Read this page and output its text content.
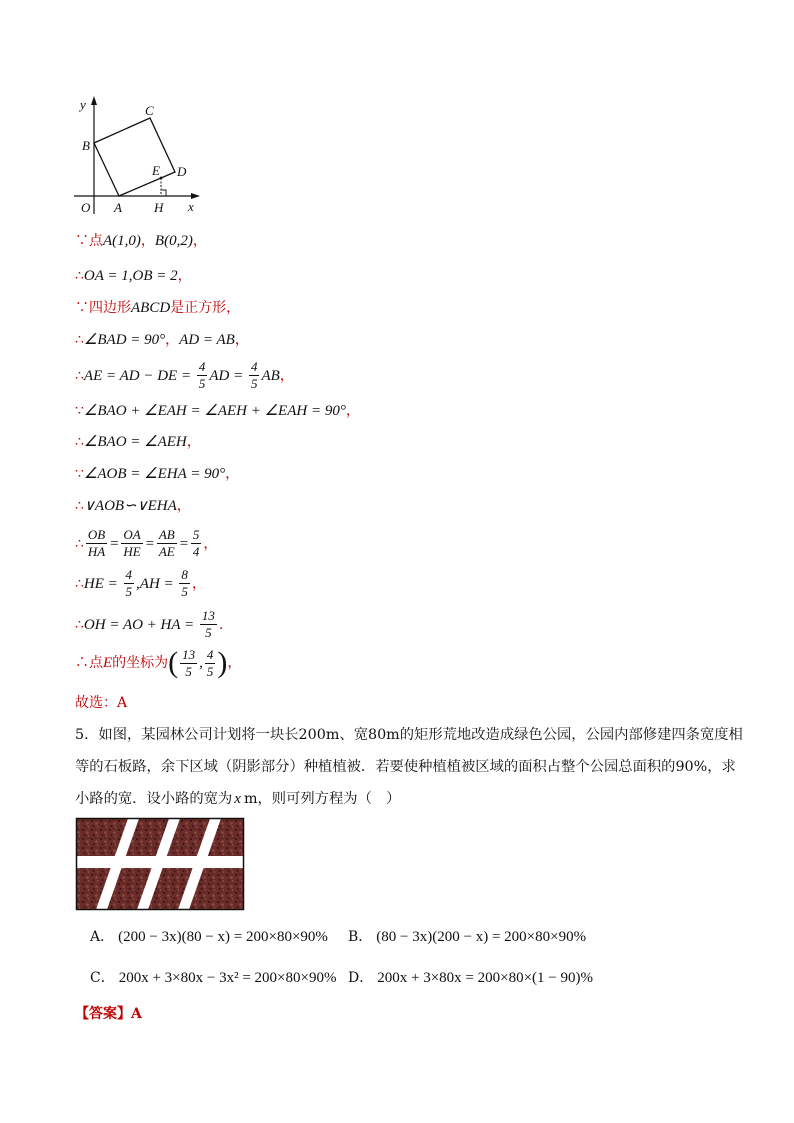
y
B
C
D
E
O A H x
∵点 A(1,0) ， B(0,2) ，
∴ OA = 1,OB = 2 ，
∵四边形 ABCD 是正方形 ，
∴ ∠BAD = 90° ， AD = AB ，
∴ AE = AD − DE = $\frac{4}{5}$ AD = $\frac{4}{5}$ AB ，
∵ ∠BAO + ∠EAH = ∠AEH + ∠EAH = 90° ，
∴ ∠BAO = ∠AEH ，
∵ ∠AOB = ∠EHA = 90° ，
∴ ∨AOB∽∨EHA ，
∴ $\frac{OB}{HA} = \frac{OA}{HE} = \frac{AB}{AE} = \frac{5}{4}$ ，
∴ HE = $\frac{4}{5} ,AH = \frac{8}{5}$ ，
∴ OH = AO + HA = $\frac{13}{5}$ .
∴点 E 的坐标为 ( $\frac{13}{5}$ , $\frac{4}{5}$ ) ，
故选：A
5．如图，某园林公司计划将一块长200m、宽80m的矩形荒地改造成绿色公园，公园内部修建四条宽度相
等的石板路，余下区域（阴影部分）种植植被．若要使种植植被区域的面积占整个公园总面积的90%，求
小路的宽．设小路的宽为 x m，则可列方程为（　）
A． (200 − 3x)(80 − x) = 200×80×90% B． (80 − 3x)(200 − x) = 200×80×90%
C． 200x + 3×80x − 3x² = 200×80×90% D． 200x + 3×80x = 200×80×(1 − 90)%
【答案】A
